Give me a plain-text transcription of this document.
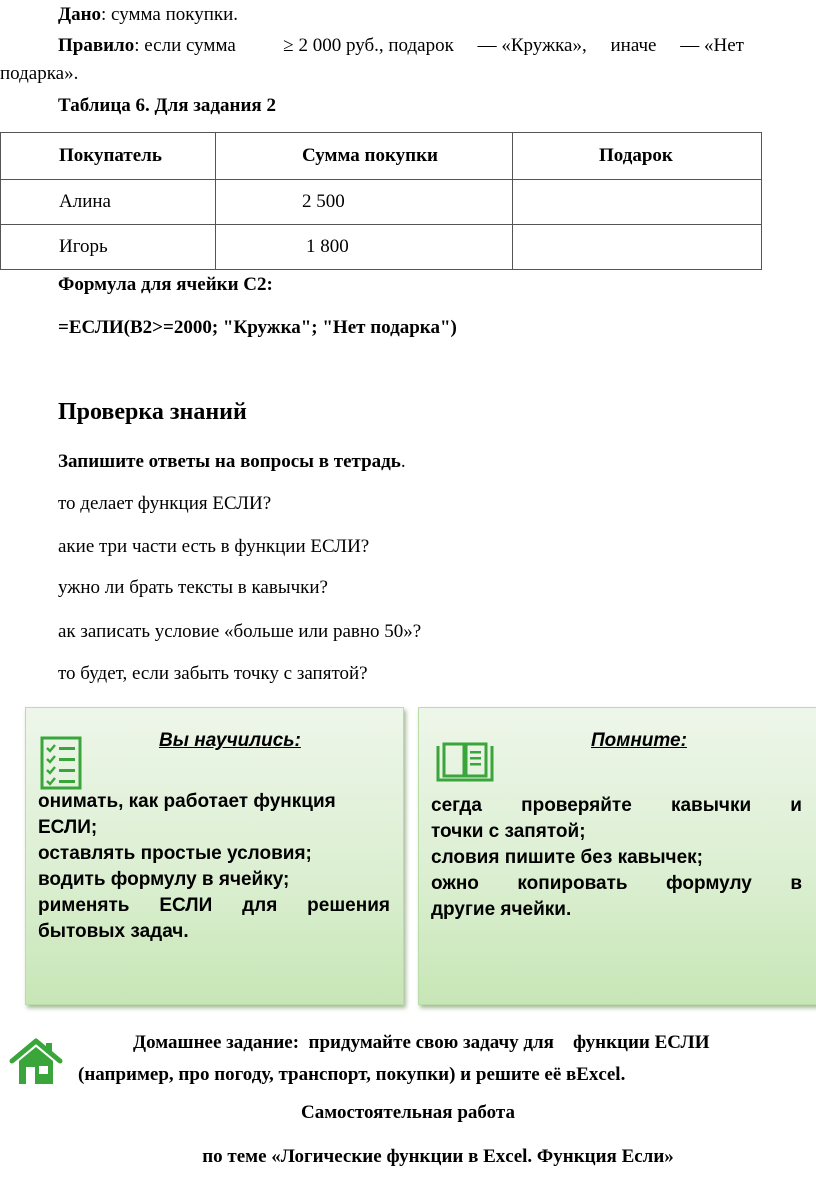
Дано: сумма покупки.
Правило: если сумма    ≥ 2 000 руб., подарок  — «Кружка»,  иначе  — «Нет
подарка».
Таблица 6. Для задания 2
Покупатель	Сумма покупки	Подарок
Алина	2 500	
Игорь	1 800	
Формула для ячейки C2:
=ЕСЛИ(B2>=2000; "Кружка"; "Нет подарка")
Проверка знаний
Запишите ответы на вопросы в тетрадь.
то делает функция ЕСЛИ?
акие три части есть в функции ЕСЛИ?
ужно ли брать тексты в кавычки?
ак записать условие «больше или равно 50»?
то будет, если забыть точку с запятой?
Вы научились:
онимать, как работает функция
ЕСЛИ;
оставлять простые условия;
водить формулу в ячейку;
рименять ЕСЛИ для решения
бытовых задач.
Помните:
сегда проверяйте кавычки и
точки с запятой;
словия пишите без кавычек;
ожно копировать формулу в
другие ячейки.
Домашнее задание: придумайте свою задачу для   функции ЕСЛИ
(например, про погоду, транспорт, покупки) и решите её вExcel.
Самостоятельная работа
по теме «Логические функции в Excel. Функция Если»
